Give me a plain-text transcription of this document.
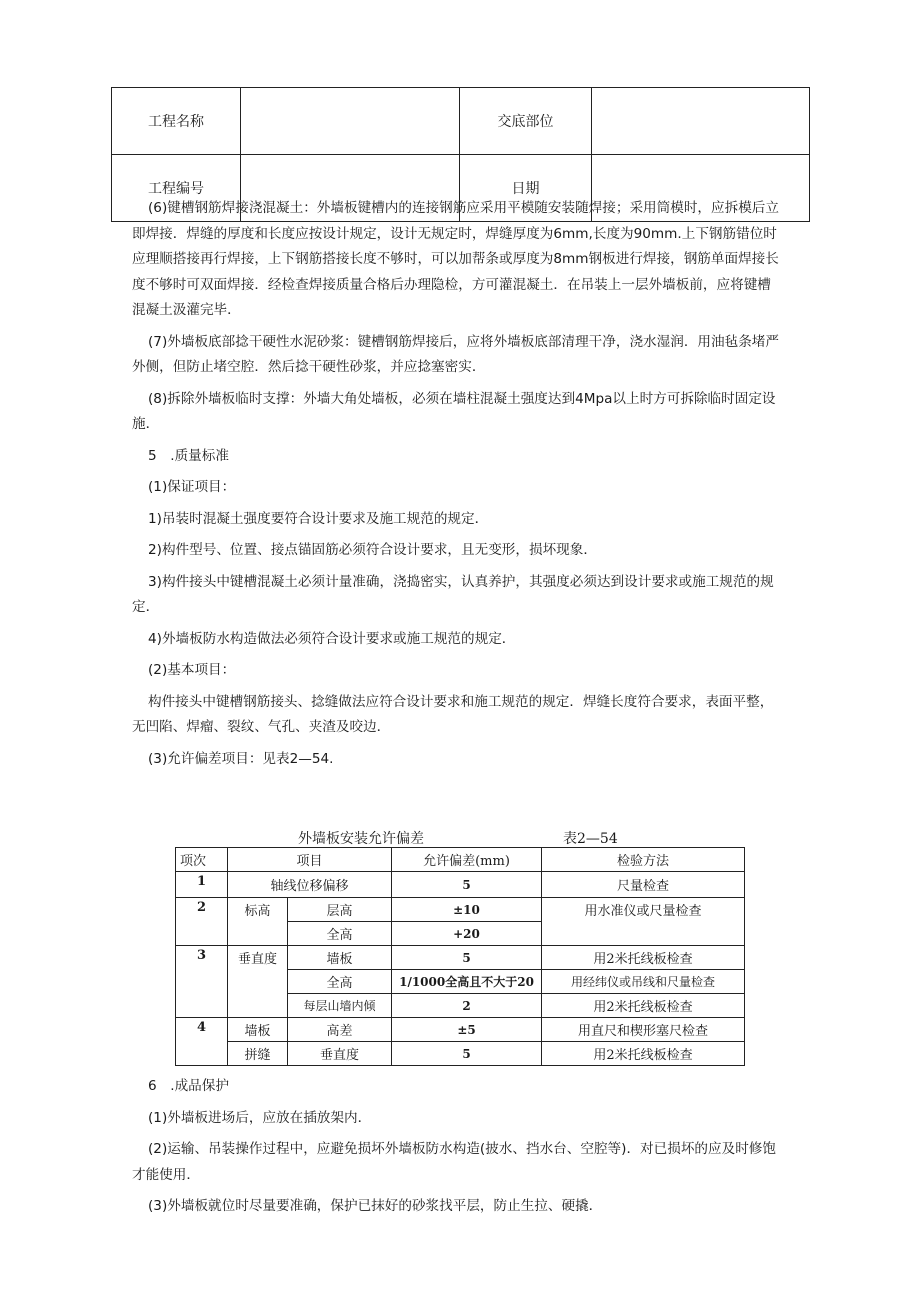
工程名称		交底部位	
工程编号		日期	

(6)键槽钢筋焊接浇混凝土：外墙板键槽内的连接钢筋应采用平模随安装随焊接；采用筒模时，应拆模后立即焊接．焊缝的厚度和长度应按设计规定，设计无规定时，焊缝厚度为6mm,长度为90mm.上下钢筋错位时应理顺搭接再行焊接，上下钢筋搭接长度不够时，可以加帮条或厚度为8mm钢板进行焊接，钢筋单面焊接长度不够时可双面焊接．经检查焊接质量合格后办理隐检，方可灌混凝土．在吊装上一层外墙板前，应将键槽混凝土汲灌完毕．

(7)外墙板底部捻干硬性水泥砂浆：键槽钢筋焊接后，应将外墙板底部清理干净，浇水湿润．用油毡条堵严外侧，但防止堵空腔．然后捻干硬性砂浆，并应捻塞密实．

(8)拆除外墙板临时支撑：外墙大角处墙板，必须在墙柱混凝土强度达到4Mpa以上时方可拆除临时固定设施．

5　.质量标准

(1)保证项目：

1)吊装时混凝土强度要符合设计要求及施工规范的规定．

2)构件型号、位置、接点锚固筋必须符合设计要求，且无变形，损坏现象．

3)构件接头中键槽混凝土必须计量准确，浇捣密实，认真养护，其强度必须达到设计要求或施工规范的规定．

4)外墙板防水构造做法必须符合设计要求或施工规范的规定．

(2)基本项目：

构件接头中键槽钢筋接头、捻缝做法应符合设计要求和施工规范的规定．焊缝长度符合要求，表面平整，无凹陷、焊瘤、裂纹、气孔、夹渣及咬边．

(3)允许偏差项目：见表2—54.

外墙板安装允许偏差	表2—54
项次	项目		允许偏差(mm)	检验方法
1	轴线位移偏移		5	尺量检查
2	标高	层高	±10	用水准仪或尺量检查
		全高	+20	
3	垂直度	墙板	5	用2米托线板检查
		全高	1/1000全高且不大于20	用经纬仪或吊线和尺量检查
		每层山墙内倾	2	用2米托线板检查
4	墙板	高差	±5	用直尺和楔形塞尺检查
	拼缝	垂直度	5	用2米托线板检查

6　.成品保护

(1)外墙板进场后，应放在插放架内．

(2)运输、吊装操作过程中，应避免损坏外墙板防水构造(披水、挡水台、空腔等)．对已损坏的应及时修饱才能使用．

(3)外墙板就位时尽量要准确，保护已抹好的砂浆找平层，防止生拉、硬撬．
